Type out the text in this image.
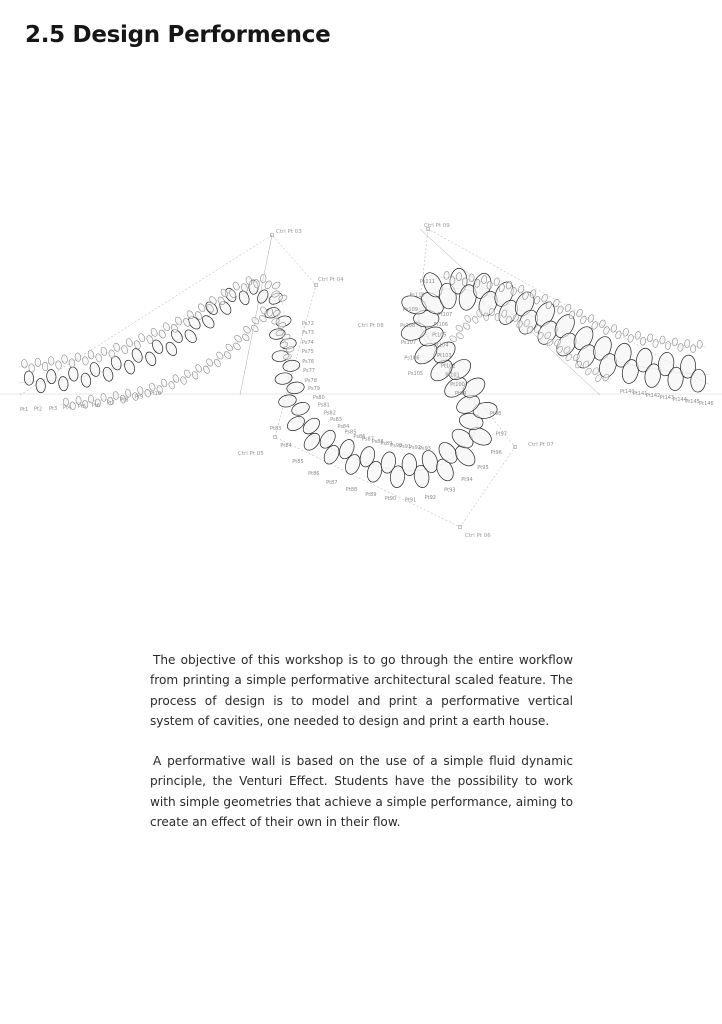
2.5 Design Performence
Pt1 Pt2 Pt3 Pt4 Pt5 Pt6 Pt7 Pt8
Pt9
Pt10
Ps72
Ps73
Ps74
Ps75
Ps76
Ps77
Ps78
Ps79
Ps80
Ps81
Ps82
Ps83
Ps84
Ps85
Ps86
Ps87
Ps88
Ps89
Ps90
Ps91
Ps92
Ps93
Pt83
Pt84
Pt85
Pt86
Pt87
Pt88
Pt89
Pt90 Pt91 Pt92
Pt93
Pt94
Pt95
Pt96
Pt97
Pt98
Pt99
Pt100
Pt101
Pt102
Pt103
Pt104
Pt105
Pt106
Pt107
Ps105
Ps106
Ps107
Ps108
Ps109
Ps110
Ps111
Pt140
Pt141
Pt142 Pt143
Pt144
Pt145 Pt146
Ctrl Pt 03
Ctrl Pt 04
Ctrl Pt 05
Ctrl Pt 06
Ctrl Pt 07
Ctrl Pt 08
Ctrl Pt 09

The objective of this workshop is to go through the entire workflow from printing a simple performative architectural scaled feature. The process of design is to model and print a performative vertical system of cavities, one needed to design and print a earth house.

A performative wall is based on the use of a simple fluid dynamic principle, the Venturi Effect. Students have the possibility to work with simple geometries that achieve a simple performance, aiming to create an effect of their own in their flow.
